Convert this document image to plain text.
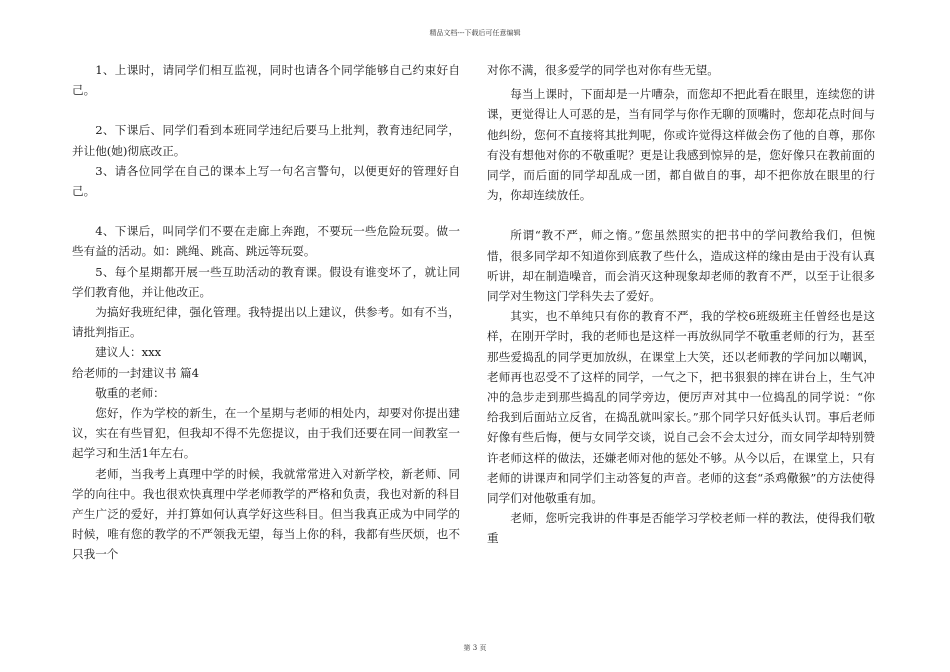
精品文档---下载后可任意编辑
1、上课时，请同学们相互监视，同时也请各个同学能够自己约束好自己。
2、下课后、同学们看到本班同学违纪后要马上批判，教育违纪同学，并让他(她)彻底改正。
3、请各位同学在自己的课本上写一句名言警句，以便更好的管理好自己。
4、下课后，叫同学们不要在走廊上奔跑，不要玩一些危险玩耍。做一些有益的活动。如：跳绳、跳高、跳远等玩耍。
5、每个星期都开展一些互助活动的教育课。假设有谁变坏了，就让同学们教育他，并让他改正。
为搞好我班纪律，强化管理。我特提出以上建议，供参考。如有不当，请批判指正。
建议人：xxx
给老师的一封建议书 篇4
敬重的老师：
您好，作为学校的新生，在一个星期与老师的相处内，却要对你提出建议，实在有些冒犯，但我却不得不先您提议，由于我们还要在同一间教室一起学习和生活1年左右。
老师，当我考上真理中学的时候，我就常常进入对新学校，新老师、同学的向往中。我也很欢快真理中学老师教学的严格和负责，我也对新的科目产生广泛的爱好，并打算如何认真学好这些科目。但当我真正成为中同学的时候，唯有您的教学的不严领我无望，每当上你的科，我都有些厌烦，也不只我一个
对你不满，很多爱学的同学也对你有些无望。
每当上课时，下面却是一片嘈杂，而您却不把此看在眼里，连续您的讲课，更觉得让人可恶的是，当有同学与你作无聊的顶嘴时，您却花点时间与他纠纷，您何不直接将其批判呢，你或许觉得这样做会伤了他的自尊，那你有没有想他对你的不敬重呢？更是让我感到惊异的是，您好像只在教前面的同学，而后面的同学却乱成一团，都自做自的事，却不把你放在眼里的行为，你却连续放任。
所谓“教不严，师之惰。”您虽然照实的把书中的学问教给我们，但惋惜，很多同学却不知道你到底教了些什么，造成这样的缘由是由于没有认真听讲，却在制造噪音，而会消灭这种现象却老师的教育不严，以至于让很多同学对生物这门学科失去了爱好。
其实，也不单纯只有你的教育不严，我的学校6班级班主任曾经也是这样，在刚开学时，我的老师也是这样一再放纵同学不敬重老师的行为，甚至那些爱捣乱的同学更加放纵，在课堂上大笑，还以老师教的学问加以嘲讽，老师再也忍受不了这样的同学，一气之下，把书狠狠的摔在讲台上，生气冲冲的急步走到那些捣乱的同学旁边，便厉声对其中一位捣乱的同学说：“你给我到后面站立反省，在捣乱就叫家长。”那个同学只好低头认罚。事后老师好像有些后悔，便与女同学交谈，说自己会不会太过分，而女同学却特别赞许老师这样的做法，还嫌老师对他的惩处不够。从今以后，在课堂上，只有老师的讲课声和同学们主动答复的声音。老师的这套“杀鸡儆猴”的方法使得同学们对他敬重有加。
老师，您听完我讲的件事是否能学习学校老师一样的教法，使得我们敬重
第 3 页
